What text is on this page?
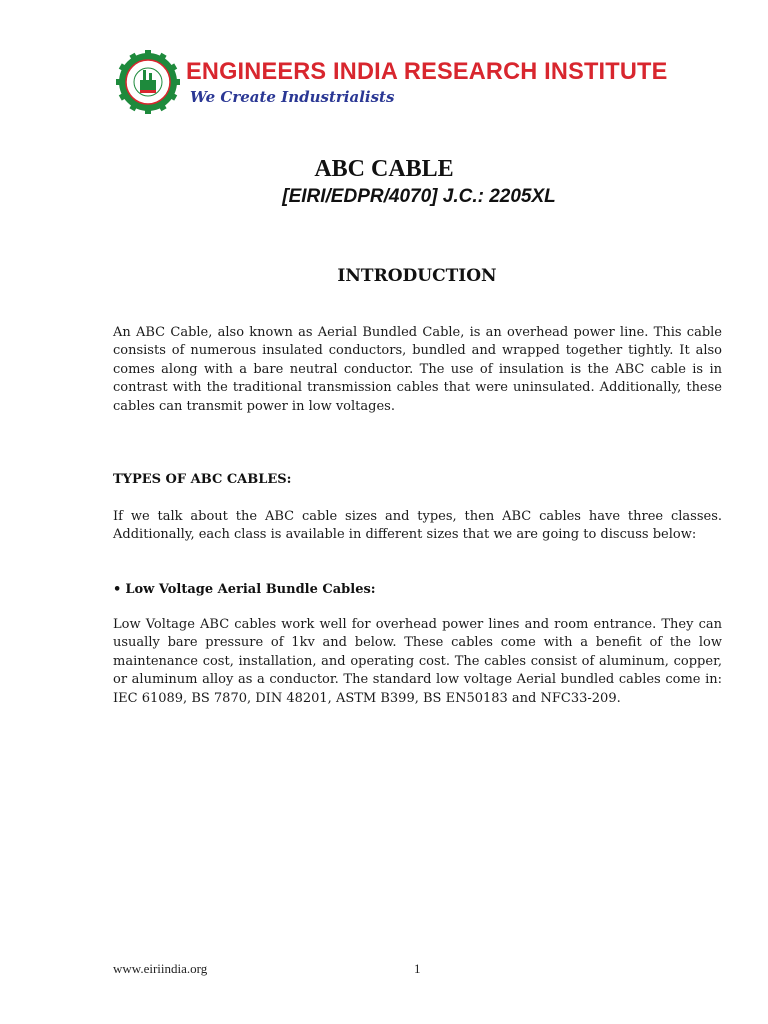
ENGINEERS INDIA RESEARCH INSTITUTE
We Create Industrialists
ABC CABLE
[EIRI/EDPR/4070] J.C.: 2205XL
INTRODUCTION

An ABC Cable, also known as Aerial Bundled Cable, is an overhead power line. This cable consists of numerous insulated conductors, bundled and wrapped together tightly. It also comes along with a bare neutral conductor. The use of insulation is the ABC cable is in contrast with the traditional transmission cables that were uninsulated. Additionally, these cables can transmit power in low voltages.

TYPES OF ABC CABLES:

If we talk about the ABC cable sizes and types, then ABC cables have three classes. Additionally, each class is available in different sizes that we are going to discuss below:

• Low Voltage Aerial Bundle Cables:

Low Voltage ABC cables work well for overhead power lines and room entrance. They can usually bare pressure of 1kv and below. These cables come with a benefit of the low maintenance cost, installation, and operating cost. The cables consist of aluminum, copper, or aluminum alloy as a conductor. The standard low voltage Aerial bundled cables come in: IEC 61089, BS 7870, DIN 48201, ASTM B399, BS EN50183 and NFC33-209.

www.eiriindia.org	1
